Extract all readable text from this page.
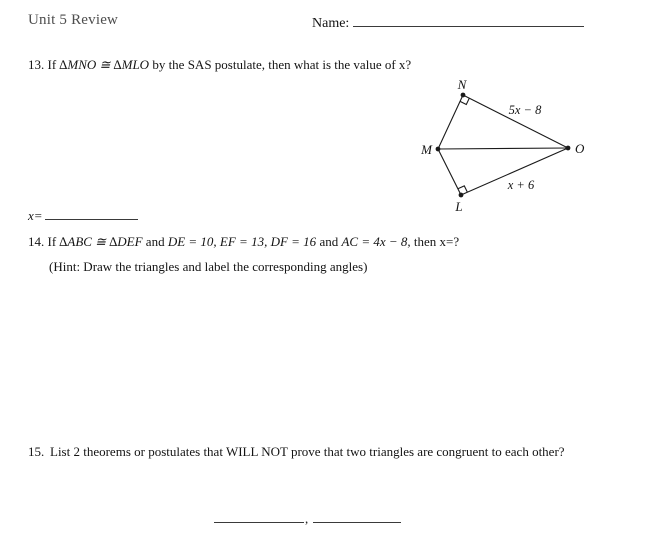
Unit 5 Review	Name:

13. If ∆MNO ≅ ∆MLO by the SAS postulate, then what is the value of x?

N
M	O
L
5x − 8
x + 6
x=

14. If ∆ABC ≅ ∆DEF and DE = 10, EF = 13, DF = 16 and AC = 4x − 8, then x=?

(Hint: Draw the triangles and label the corresponding angles)

15. List 2 theorems or postulates that WILL NOT prove that two triangles are congruent to each other?
,
